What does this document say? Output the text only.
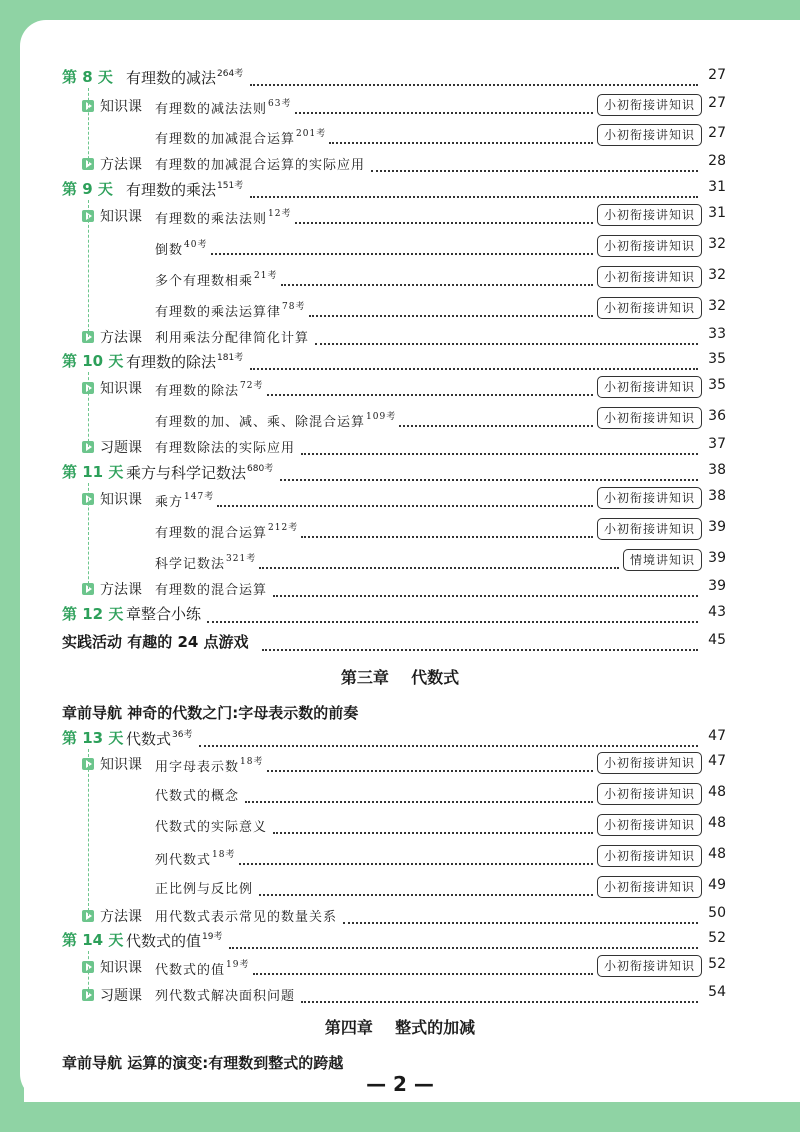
第 8 天 有理数的减法$^{264考}$	27
知识课 有理数的减法法则$^{63考}$	小初衔接讲知识 27
有理数的加减混合运算$^{201考}$	小初衔接讲知识 27
方法课 有理数的加减混合运算的实际应用	28
第 9 天 有理数的乘法$^{151考}$	31
知识课 有理数的乘法法则$^{12考}$	小初衔接讲知识 31
倒数$^{40考}$	小初衔接讲知识 32
多个有理数相乘$^{21考}$	小初衔接讲知识 32
有理数的乘法运算律$^{78考}$	小初衔接讲知识 32
方法课 利用乘法分配律简化计算	33
第 10 天 有理数的除法$^{181考}$	35
知识课 有理数的除法$^{72考}$	小初衔接讲知识 35
有理数的加、减、乘、除混合运算$^{109考}$	小初衔接讲知识 36
习题课 有理数除法的实际应用	37
第 11 天 乘方与科学记数法$^{680考}$	38
知识课 乘方$^{147考}$	小初衔接讲知识 38
有理数的混合运算$^{212考}$	小初衔接讲知识 39
科学记数法$^{321考}$	情境讲知识 39
方法课 有理数的混合运算	39
第 12 天 章整合小练	43
实践活动 有趣的 24 点游戏	45
第三章    代数式
章前导航 神奇的代数之门:字母表示数的前奏
第 13 天 代数式$^{36考}$	47
知识课 用字母表示数$^{18考}$	小初衔接讲知识 47
代数式的概念	小初衔接讲知识 48
代数式的实际意义	小初衔接讲知识 48
列代数式$^{18考}$	小初衔接讲知识 48
正比例与反比例	小初衔接讲知识 49
方法课 用代数式表示常见的数量关系	50
第 14 天 代数式的值$^{19考}$	52
知识课 代数式的值$^{19考}$	小初衔接讲知识 52
习题课 列代数式解决面积问题	54
第四章    整式的加减
章前导航 运算的演变:有理数到整式的跨越
— 2 —
